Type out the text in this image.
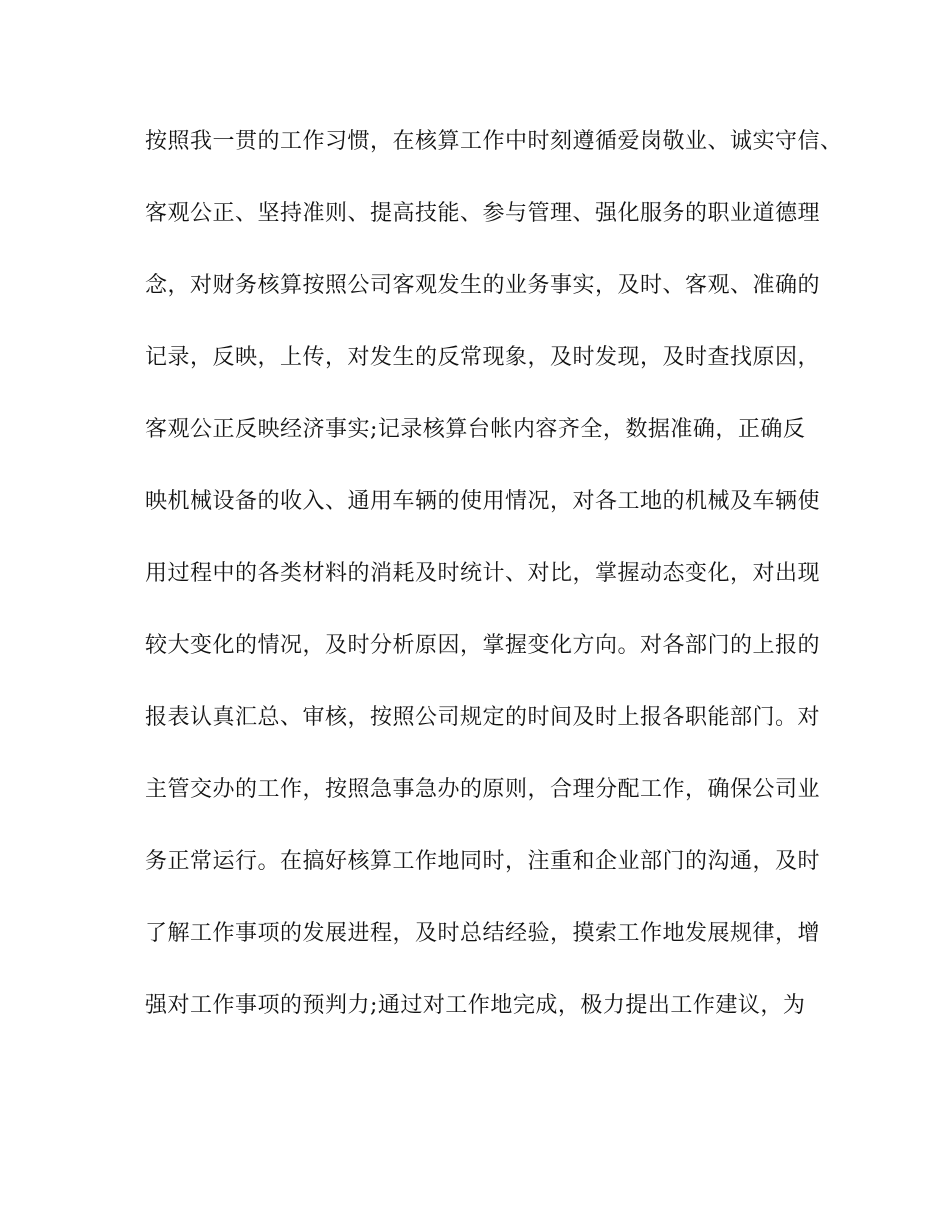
按照我一贯的工作习惯，在核算工作中时刻遵循爱岗敬业、诚实守信、
客观公正、坚持准则、提高技能、参与管理、强化服务的职业道德理
念，对财务核算按照公司客观发生的业务事实，及时、客观、准确的
记录，反映，上传，对发生的反常现象，及时发现，及时查找原因，
客观公正反映经济事实;记录核算台帐内容齐全，数据准确，正确反
映机械设备的收入、通用车辆的使用情况，对各工地的机械及车辆使
用过程中的各类材料的消耗及时统计、对比，掌握动态变化，对出现
较大变化的情况，及时分析原因，掌握变化方向。对各部门的上报的
报表认真汇总、审核，按照公司规定的时间及时上报各职能部门。对
主管交办的工作，按照急事急办的原则，合理分配工作，确保公司业
务正常运行。在搞好核算工作地同时，注重和企业部门的沟通，及时
了解工作事项的发展进程，及时总结经验，摸索工作地发展规律，增
强对工作事项的预判力;通过对工作地完成，极力提出工作建议，为
